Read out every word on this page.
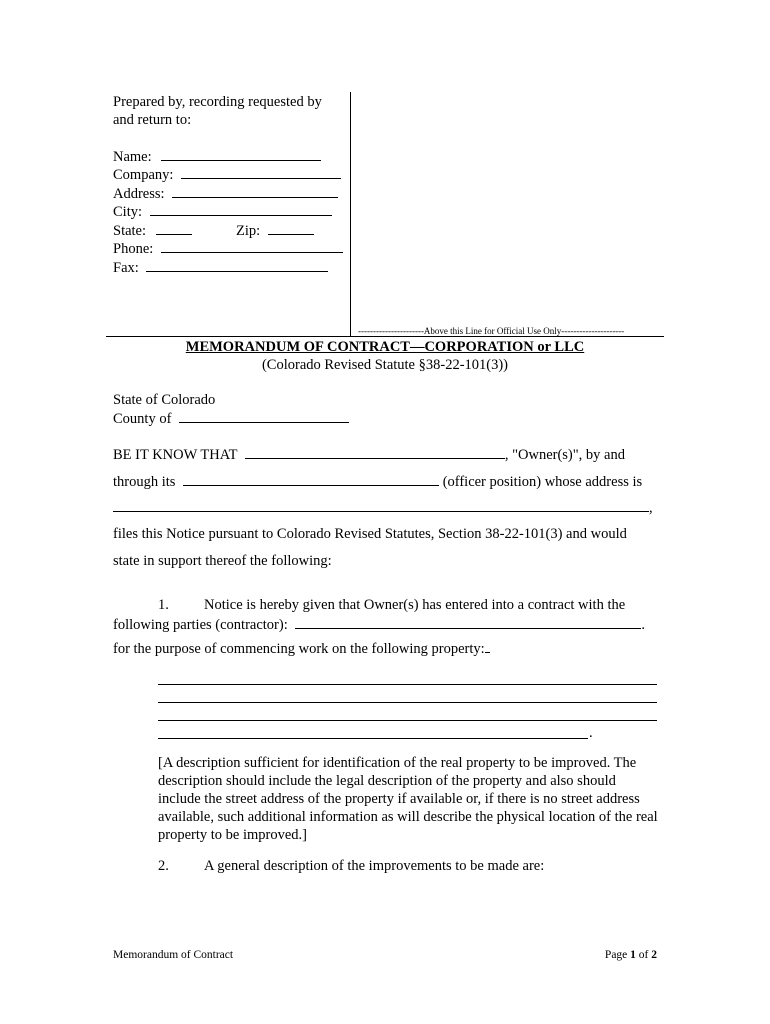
Prepared by, recording requested by
and return to:
Name:
Company:
Address:
City:
State:	Zip:
Phone:
Fax:
----------------------Above this Line for Official Use Only---------------------
MEMORANDUM OF CONTRACT—CORPORATION or LLC
(Colorado Revised Statute §38-22-101(3))
State of Colorado
County of
BE IT KNOW THAT	, "Owner(s)", by and
through its	(officer position) whose address is
,
files this Notice pursuant to Colorado Revised Statutes, Section 38-22-101(3) and would
state in support thereof the following:
1. Notice is hereby given that Owner(s) has entered into a contract with the
following parties (contractor):	.
for the purpose of commencing work on the following property:
.
[A description sufficient for identification of the real property to be improved. The description should include the legal description of the property and also should include the street address of the property if available or, if there is no street address available, such additional information as will describe the physical location of the real property to be improved.]
2. A general description of the improvements to be made are:
Memorandum of Contract	Page 1 of 2
